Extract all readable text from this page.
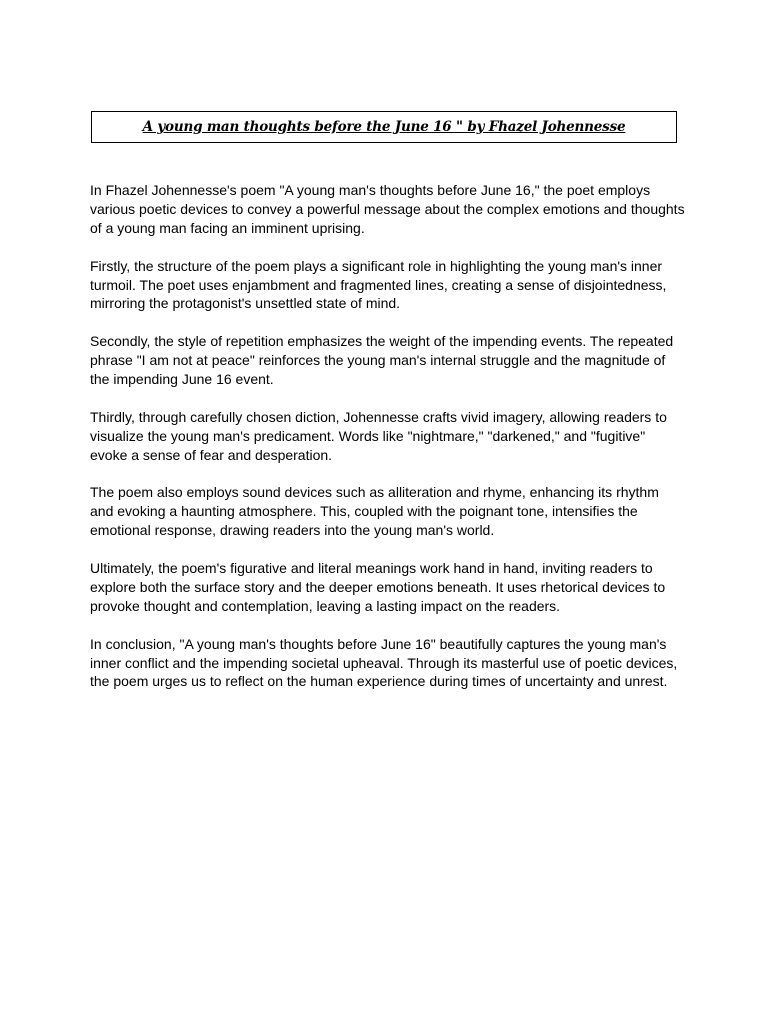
A young man thoughts before the June 16 " by Fhazel Johennesse

In Fhazel Johennesse's poem "A young man's thoughts before June 16," the poet employs various poetic devices to convey a powerful message about the complex emotions and thoughts of a young man facing an imminent uprising.

Firstly, the structure of the poem plays a significant role in highlighting the young man's inner turmoil. The poet uses enjambment and fragmented lines, creating a sense of disjointedness, mirroring the protagonist's unsettled state of mind.

Secondly, the style of repetition emphasizes the weight of the impending events. The repeated phrase "I am not at peace" reinforces the young man's internal struggle and the magnitude of the impending June 16 event.

Thirdly, through carefully chosen diction, Johennesse crafts vivid imagery, allowing readers to visualize the young man's predicament. Words like "nightmare," "darkened," and "fugitive" evoke a sense of fear and desperation.

The poem also employs sound devices such as alliteration and rhyme, enhancing its rhythm and evoking a haunting atmosphere. This, coupled with the poignant tone, intensifies the emotional response, drawing readers into the young man's world.

Ultimately, the poem's figurative and literal meanings work hand in hand, inviting readers to explore both the surface story and the deeper emotions beneath. It uses rhetorical devices to provoke thought and contemplation, leaving a lasting impact on the readers.

In conclusion, "A young man's thoughts before June 16" beautifully captures the young man's inner conflict and the impending societal upheaval. Through its masterful use of poetic devices, the poem urges us to reflect on the human experience during times of uncertainty and unrest.
